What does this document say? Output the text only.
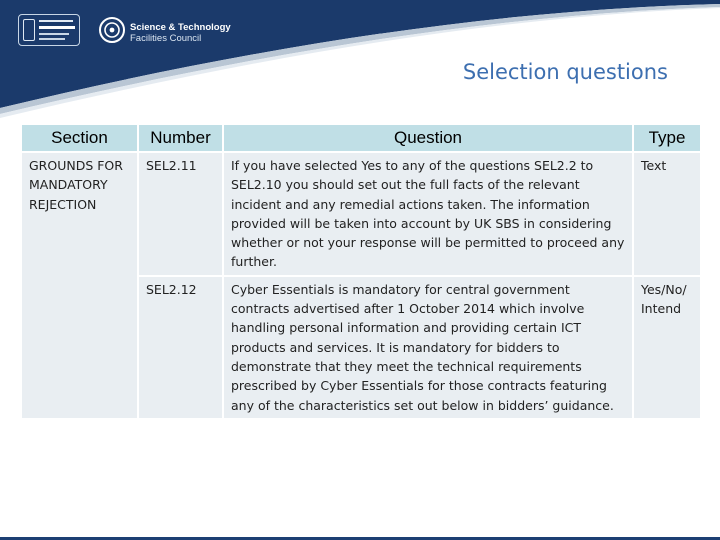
Science & Technology
Facilities Council
Selection questions
Section	Number	Question	Type
GROUNDS FOR MANDATORY REJECTION	SEL2.11	If you have selected Yes to any of the questions SEL2.2 to SEL2.10 you should set out the full facts of the relevant incident and any remedial actions taken. The information provided will be taken into account by UK SBS in considering whether or not your response will be permitted to proceed any further.	Text
	SEL2.12	Cyber Essentials is mandatory for central government contracts advertised after 1 October 2014 which involve handling personal information and providing certain ICT products and services. It is mandatory for bidders to demonstrate that they meet the technical requirements prescribed by Cyber Essentials for those contracts featuring any of the characteristics set out below in bidders’ guidance.	Yes/No/ Intend
